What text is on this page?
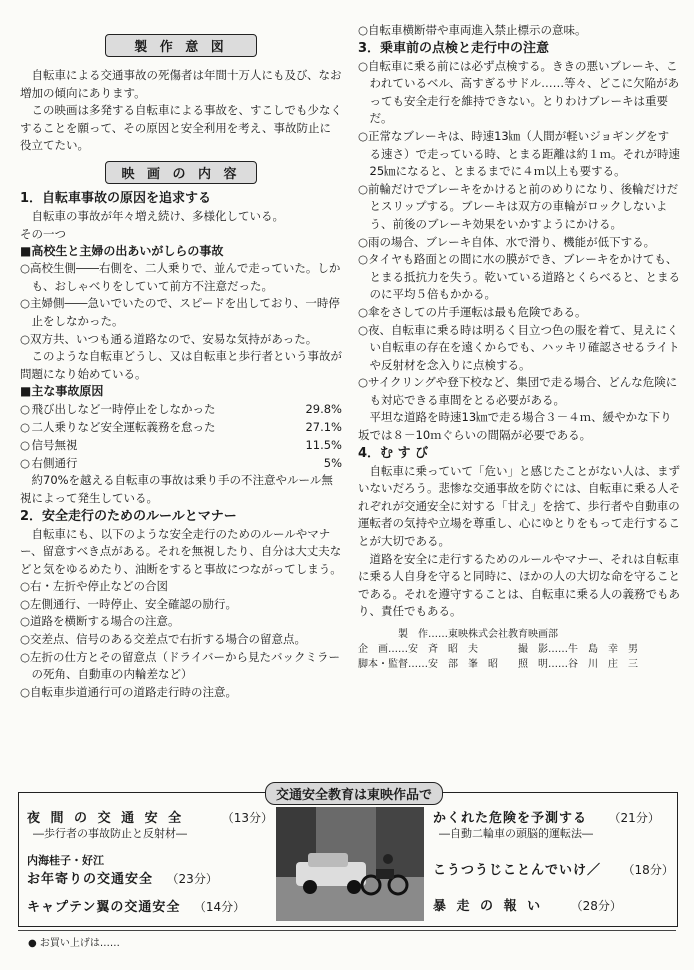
製 作 意 図

自転車による交通事故の死傷者は年間十万人にも及び、なお増加の傾向にあります。

この映画は多発する自転車による事故を、すこしでも少なくすることを願って、その原因と安全利用を考え、事故防止に役立てたい。

映 画 の 内 容
1．自転車事故の原因を追求する

自転車の事故が年々増え続け、多様化している。

その一つ

■高校生と主婦の出あいがしらの事故

○ 高校生側――右側を、二人乗りで、並んで走っていた。しかも、おしゃべりをしていて前方不注意だった。
○ 主婦側――急いでいたので、スピードを出しており、一時停止をしなかった。
○ 双方共、いつも通る道路なので、安易な気持があった。

このような自転車どうし、又は自転車と歩行者という事故が問題になり始めている。

■主な事故原因

○ 飛び出しなど一時停止をしなかった	29.8%
○ 二人乗りなど安全運転義務を怠った	27.1%
○ 信号無視	11.5%
○ 右側通行	5%

約70%を越える自転車の事故は乗り手の不注意やルール無視によって発生している。

2．安全走行のためのルールとマナー

自転車にも、以下のような安全走行のためのルールやマナー、留意すべき点がある。それを無視したり、自分は大丈夫などと気をゆるめたり、油断をすると事故につながってしまう。

○ 右・左折や停止などの合図
○ 左側通行、一時停止、安全確認の励行。
○ 道路を横断する場合の注意。
○ 交差点、信号のある交差点で右折する場合の留意点。
○ 左折の仕方とその留意点（ドライバーから見たバックミラーの死角、自動車の内輪差など）
○ 自転車歩道通行可の道路走行時の注意。
○ 自転車横断帯や車両進入禁止標示の意味。
3．乗車前の点検と走行中の注意
○ 自転車に乗る前には必ず点検する。ききの悪いブレーキ、こわれているベル、高すぎるサドル……等々、どこに欠陥があっても安全走行を維持できない。とりわけブレーキは重要だ。
○ 正常なブレーキは、時速13㎞（人間が軽いジョギングをする速さ）で走っている時、とまる距離は約１ｍ。それが時速25㎞になると、とまるまでに４ｍ以上も要する。
○ 前輪だけでブレーキをかけると前のめりになり、後輪だけだとスリップする。ブレーキは双方の車輪がロックしないよう、前後のブレーキ効果をいかすようにかける。
○ 雨の場合、ブレーキ自体、水で滑り、機能が低下する。
○ タイヤも路面との間に水の膜ができ、ブレーキをかけても、とまる抵抗力を失う。乾いている道路とくらべると、とまるのに平均５倍もかかる。
○ 傘をさしての片手運転は最も危険である。
○ 夜、自転車に乗る時は明るく目立つ色の服を着て、見えにくい自転車の存在を遠くからでも、ハッキリ確認させるライトや反射材を念入りに点検する。
○ サイクリングや登下校など、集団で走る場合、どんな危険にも対応できる車間をとる必要がある。

平坦な道路を時速13㎞で走る場合３－４ｍ、緩やかな下り坂では８－10ｍぐらいの間隔が必要である。

4．む す び

自転車に乗っていて「危い」と感じたことがない人は、まずいないだろう。悲惨な交通事故を防ぐには、自転車に乗る人それぞれが交通安全に対する「甘え」を捨て、歩行者や自動車の運転者の気持や立場を尊重し、心にゆとりをもって走行することが大切である。

道路を安全に走行するためのルールやマナー、それは自転車に乗る人自身を守ると同時に、ほかの人の大切な命を守ることである。それを遵守することは、自転車に乗る人の義務でもあり、責任でもある。

製　作……東映株式会社教育映画部
企　画……安　斉　昭　夫	撮　影……牛　島　幸　男
脚本・監督……安　部　峯　昭	照　明……谷　川　庄　三
交通安全教育は東映作品で
夜 間 の 交 通 安 全	（13分）
―歩行者の事故防止と反射材―
内海桂子・好江
お年寄りの交通安全 （23分）
キャプテン翼の交通安全 （14分）
かくれた危険を予測する （21分）
―自動二輪車の頭脳的運転法―
こうつうじことんでいけ／ （18分）
暴 走 の 報 い （28分）
● お買い上げは……
